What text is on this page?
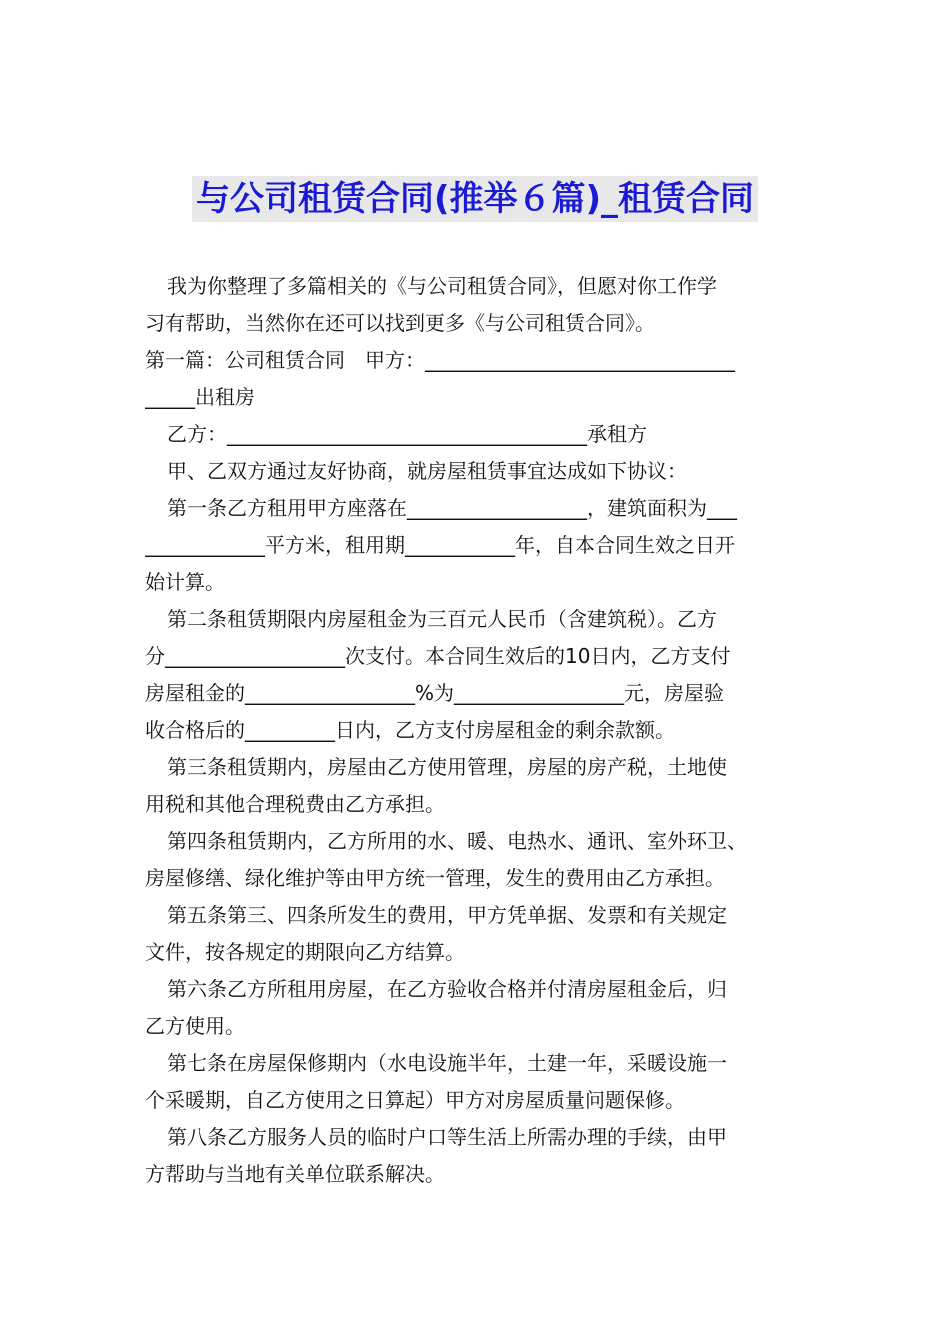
与公司租赁合同(推举６篇)_租赁合同
我为你整理了多篇相关的《与公司租赁合同》，但愿对你工作学
习有帮助，当然你在还可以找到更多《与公司租赁合同》。
第一篇：公司租赁合同　甲方：_______________________________
_____出租房
乙方：____________________________________承租方
甲、乙双方通过友好协商，就房屋租赁事宜达成如下协议：
第一条乙方租用甲方座落在__________________，建筑面积为___
____________平方米，租用期___________年，自本合同生效之日开
始计算。
第二条租赁期限内房屋租金为三百元人民币（含建筑税）。乙方
分__________________次支付。本合同生效后的10日内，乙方支付
房屋租金的_________________%为_________________元，房屋验
收合格后的_________日内，乙方支付房屋租金的剩余款额。
第三条租赁期内，房屋由乙方使用管理，房屋的房产税，土地使
用税和其他合理税费由乙方承担。
第四条租赁期内，乙方所用的水、暖、电热水、通讯、室外环卫、
房屋修缮、绿化维护等由甲方统一管理，发生的费用由乙方承担。
第五条第三、四条所发生的费用，甲方凭单据、发票和有关规定
文件，按各规定的期限向乙方结算。
第六条乙方所租用房屋，在乙方验收合格并付清房屋租金后，归
乙方使用。
第七条在房屋保修期内（水电设施半年，土建一年，采暖设施一
个采暖期，自乙方使用之日算起）甲方对房屋质量问题保修。
第八条乙方服务人员的临时户口等生活上所需办理的手续，由甲
方帮助与当地有关单位联系解决。
